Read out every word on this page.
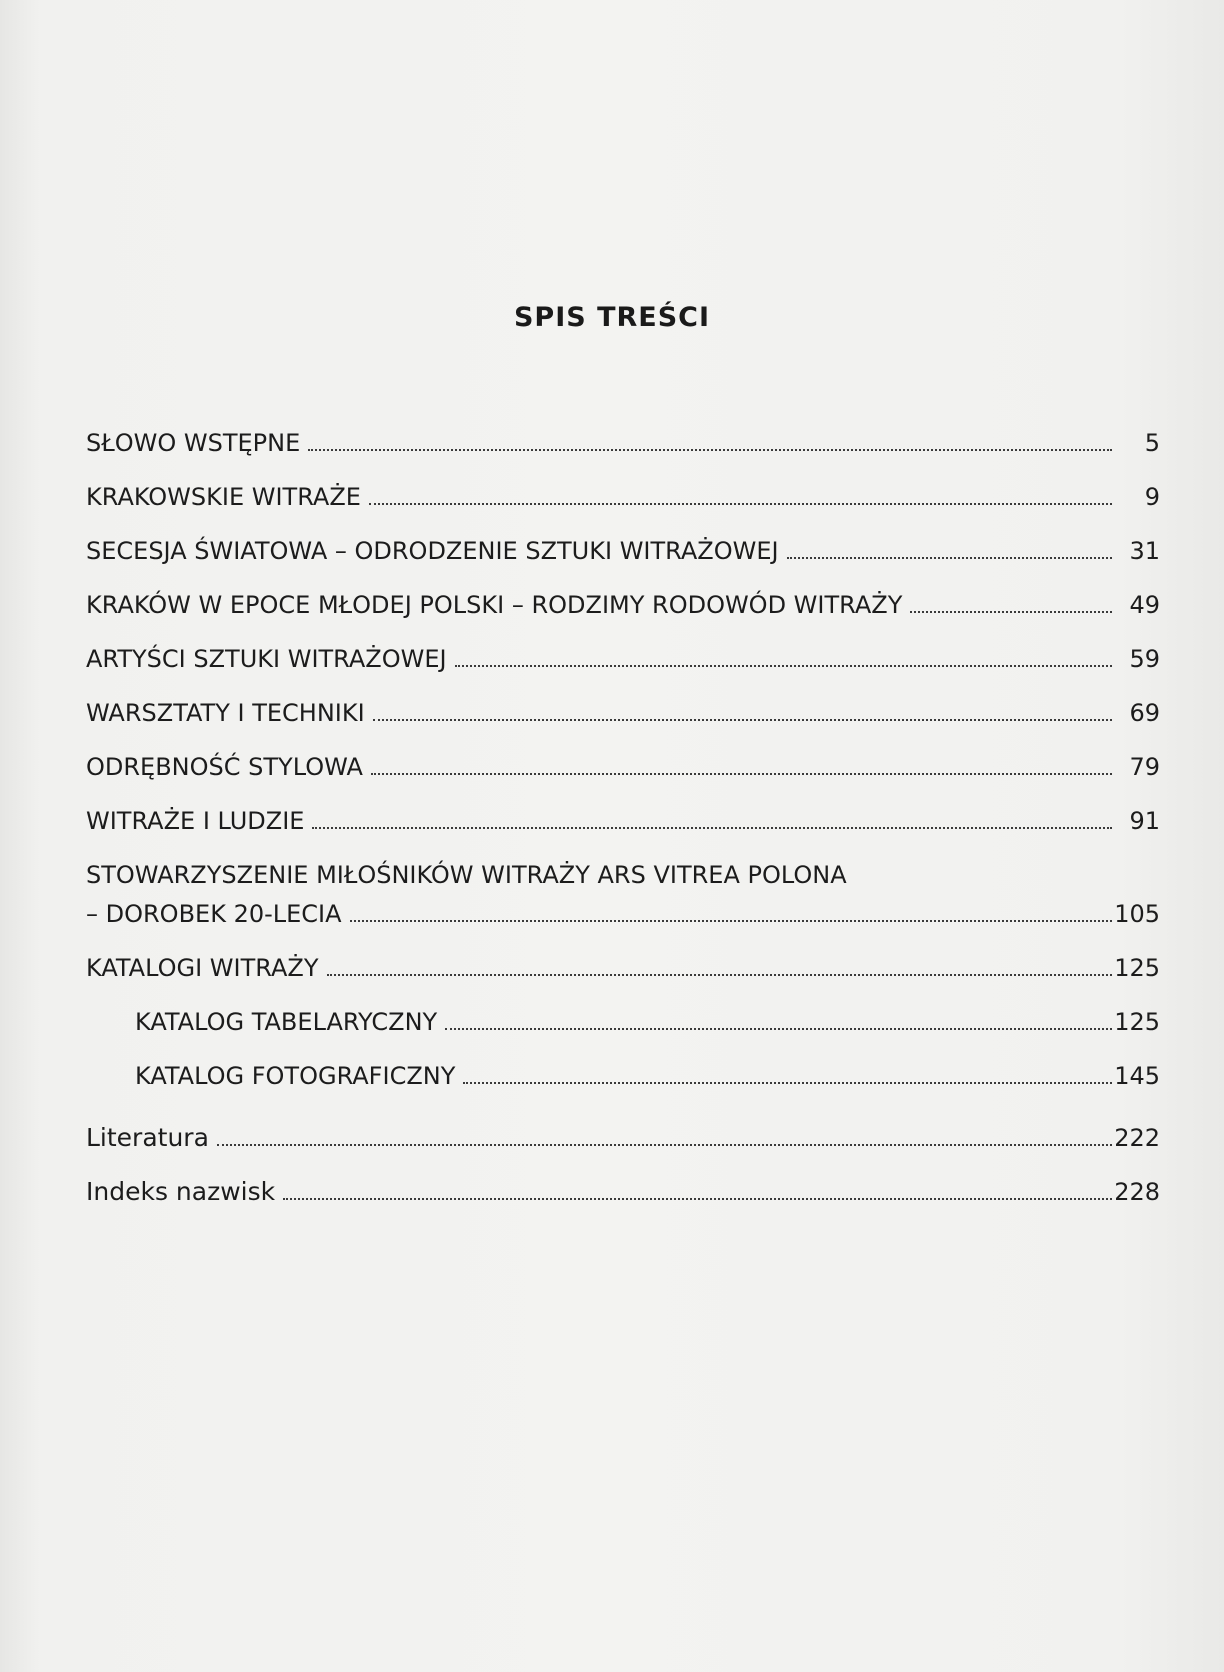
SPIS TREŚCI
SŁOWO WSTĘPNE	5
KRAKOWSKIE WITRAŻE	9
SECESJA ŚWIATOWA – ODRODZENIE SZTUKI WITRAŻOWEJ	31
KRAKÓW W EPOCE MŁODEJ POLSKI – RODZIMY RODOWÓD WITRAŻY	49
ARTYŚCI SZTUKI WITRAŻOWEJ	59
WARSZTATY I TECHNIKI	69
ODRĘBNOŚĆ STYLOWA	79
WITRAŻE I LUDZIE	91
STOWARZYSZENIE MIŁOŚNIKÓW WITRAŻY ARS VITREA POLONA
– DOROBEK 20-LECIA	105
KATALOGI WITRAŻY	125
KATALOG TABELARYCZNY	125
KATALOG FOTOGRAFICZNY	145
Literatura	222
Indeks nazwisk	228
